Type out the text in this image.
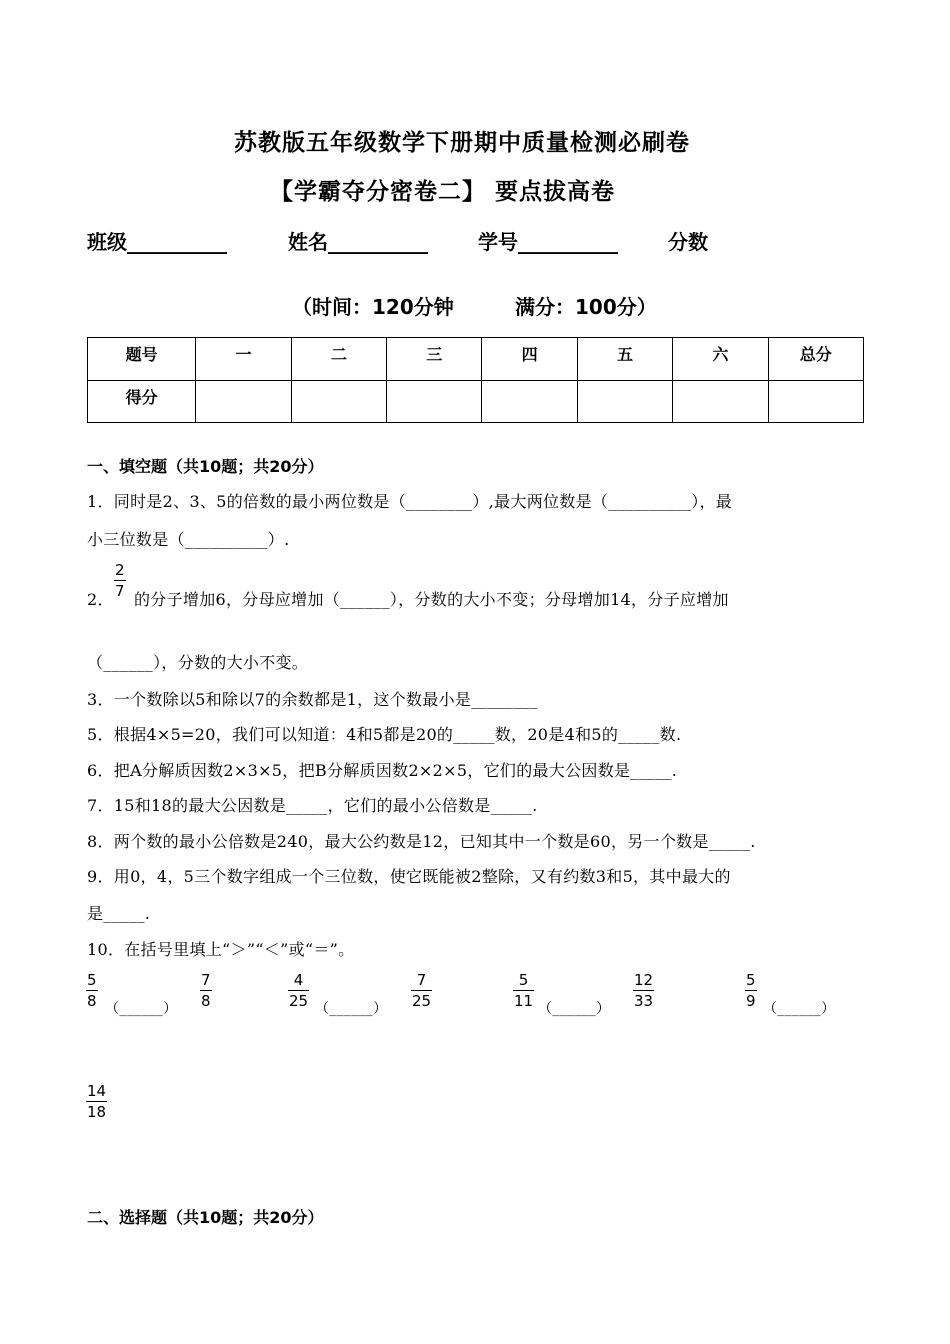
苏教版五年级数学下册期中质量检测必刷卷
【学霸夺分密卷二】 要点拔高卷
班级__________	姓名__________	学号__________	分数
（时间：120分钟	满分：100分）
题号	一	二	三	四	五	六	总分
得分							
一、填空题（共10题；共20分）
1．同时是2、3、5的倍数的最小两位数是（________）,最大两位数是（__________），最
小三位数是（__________）.
2．
2
7 的分子增加6，分母应增加（______），分数的大小不变；分母增加14，分子应增加
（______），分数的大小不变。
3．一个数除以5和除以7的余数都是1，这个数最小是________
5．根据4×5=20，我们可以知道：4和5都是20的_____数，20是4和5的_____数.
6．把A分解质因数2×3×5，把B分解质因数2×2×5，它们的最大公因数是_____.
7．15和18的最大公因数是_____，它们的最小公倍数是_____.
8．两个数的最小公倍数是240，最大公约数是12，已知其中一个数是60，另一个数是_____.
9．用0，4，5三个数字组成一个三位数，使它既能被2整除，又有约数3和5，其中最大的
是_____.
10．在括号里填上“＞”“＜”或“＝”。
5
8 （______）
7
8
4
25 （______）
7
25
5
11 （______）
12
33
5
9 （______）
14
18
二、选择题（共10题；共20分）
